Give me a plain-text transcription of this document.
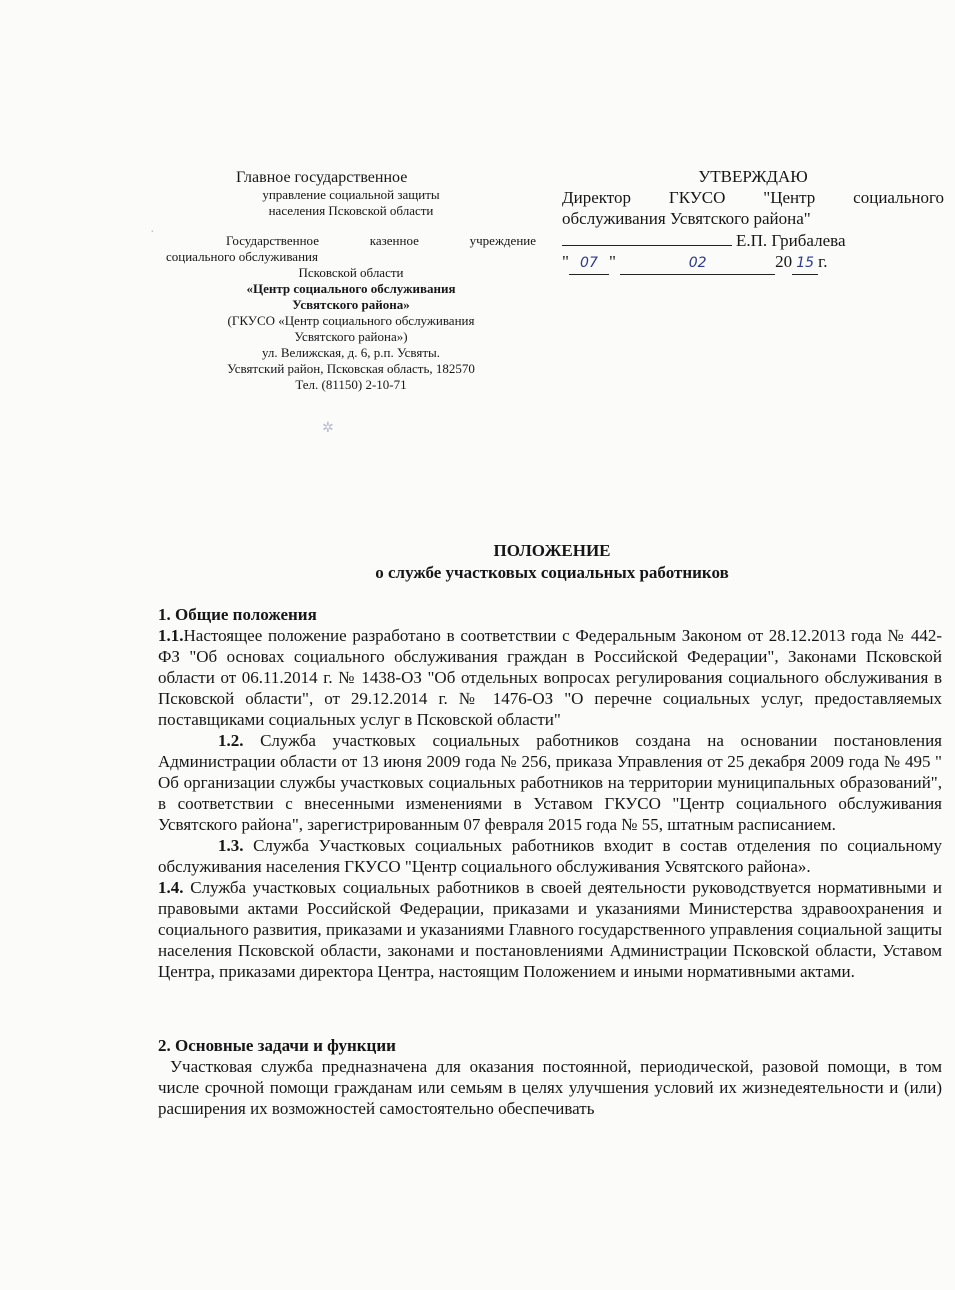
Главное государственное
управление социальной защиты
населения Псковской области
Государственное казенное учреждение
социального обслуживания
Псковской области
«Центр социального обслуживания
Усвятского района»
(ГКУСО «Центр социального обслуживания
Усвятского района»)
ул. Велижская, д. 6, р.п. Усвяты.
Усвятский район, Псковская область, 182570
Тел. (81150) 2-10-71
УТВЕРЖДАЮ
Директор ГКУСО "Центр социального
обслуживания Усвятского района"
Е.П. Грибалева
" 07 "	02	20 15 г.
✲
·
ПОЛОЖЕНИЕ
о службе участковых социальных работников

1. Общие положения

1.1.Настоящее положение разработано в соответствии с Федеральным Законом от 28.12.2013 года № 442-ФЗ "Об основах социального обслуживания граждан в Российской Федерации", Законами Псковской области от 06.11.2014 г. № 1438-ОЗ "Об отдельных вопросах регулирования социального обслуживания в Псковской области", от 29.12.2014 г. № 1476-ОЗ "О перечне социальных услуг, предоставляемых поставщиками социальных услуг в Псковской области"

1.2. Служба участковых социальных работников создана на основании постановления Администрации области от 13 июня 2009 года № 256, приказа Управления от 25 декабря 2009 года № 495 " Об организации службы участковых социальных работников на территории муниципальных образований", в соответствии с внесенными изменениями в Уставом ГКУСО "Центр социального обслуживания Усвятского района", зарегистрированным 07 февраля 2015 года № 55, штатным расписанием.

1.3. Служба Участковых социальных работников входит в состав отделения по социальному обслуживания населения ГКУСО "Центр социального обслуживания Усвятского района».

1.4. Служба участковых социальных работников в своей деятельности руководствуется нормативными и правовыми актами Российской Федерации, приказами и указаниями Министерства здравоохранения и социального развития, приказами и указаниями Главного государственного управления социальной защиты населения Псковской области, законами и постановлениями Администрации Псковской области, Уставом Центра, приказами директора Центра, настоящим Положением и иными нормативными актами.

2. Основные задачи и функции

Участковая служба предназначена для оказания постоянной, периодической, разовой помощи, в том числе срочной помощи гражданам или семьям в целях улучшения условий их жизнедеятельности и (или) расширения их возможностей самостоятельно обеспечивать
